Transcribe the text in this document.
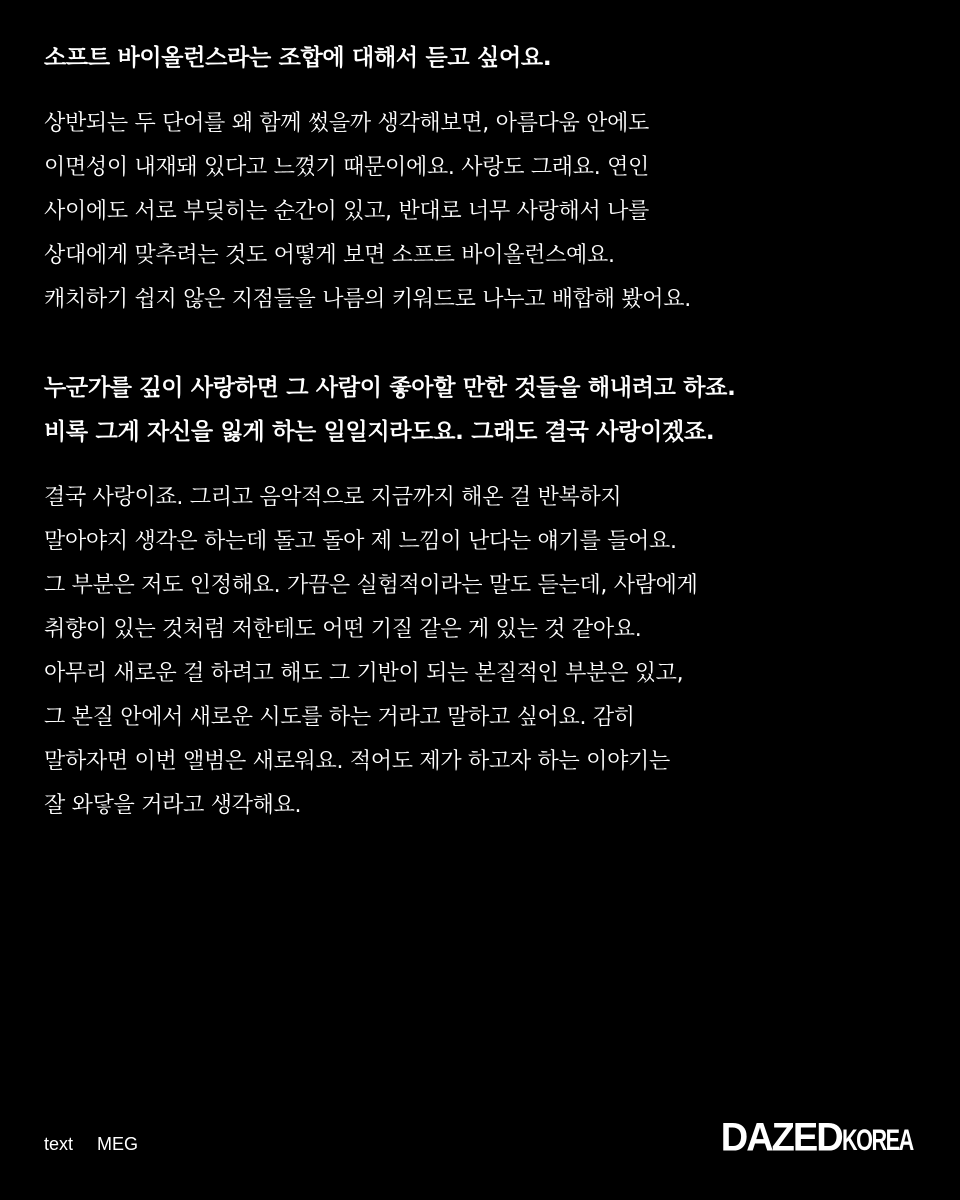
소프트 바이올런스라는 조합에 대해서 듣고 싶어요.

상반되는 두 단어를 왜 함께 썼을까 생각해보면, 아름다움 안에도
이면성이 내재돼 있다고 느꼈기 때문이에요. 사랑도 그래요. 연인
사이에도 서로 부딪히는 순간이 있고, 반대로 너무 사랑해서 나를
상대에게 맞추려는 것도 어떻게 보면 소프트 바이올런스예요.
캐치하기 쉽지 않은 지점들을 나름의 키워드로 나누고 배합해 봤어요.

누군가를 깊이 사랑하면 그 사람이 좋아할 만한 것들을 해내려고 하죠.
비록 그게 자신을 잃게 하는 일일지라도요. 그래도 결국 사랑이겠죠.

결국 사랑이죠. 그리고 음악적으로 지금까지 해온 걸 반복하지
말아야지 생각은 하는데 돌고 돌아 제 느낌이 난다는 얘기를 들어요.
그 부분은 저도 인정해요. 가끔은 실험적이라는 말도 듣는데, 사람에게
취향이 있는 것처럼 저한테도 어떤 기질 같은 게 있는 것 같아요.
아무리 새로운 걸 하려고 해도 그 기반이 되는 본질적인 부분은 있고,
그 본질 안에서 새로운 시도를 하는 거라고 말하고 싶어요. 감히
말하자면 이번 앨범은 새로워요. 적어도 제가 하고자 하는 이야기는
잘 와닿을 거라고 생각해요.

text MEG	DAZEDKOREA
